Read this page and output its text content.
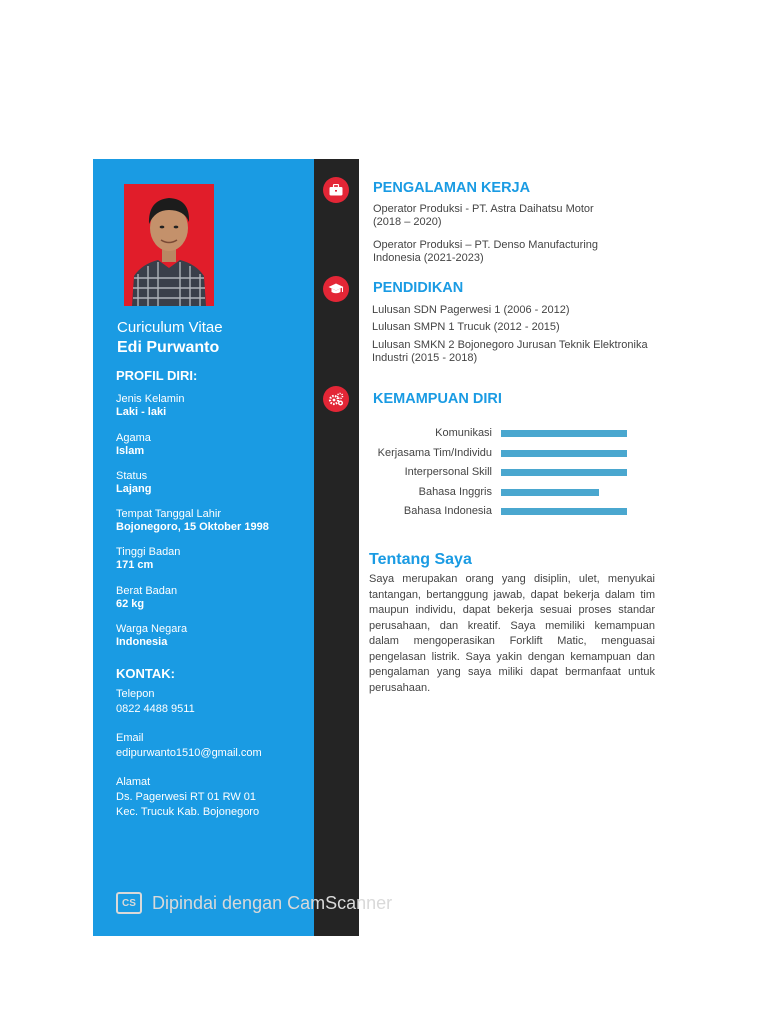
Curiculum Vitae
Edi Purwanto
PROFIL DIRI:
Jenis Kelamin
Laki - laki
Agama
Islam
Status
Lajang
Tempat Tanggal Lahir
Bojonegoro, 15 Oktober 1998
Tinggi Badan
171 cm
Berat Badan
62 kg
Warga Negara
Indonesia
KONTAK:
Telepon
0822 4488 9511
Email
edipurwanto1510@gmail.com
Alamat
Ds. Pagerwesi RT 01 RW 01
Kec. Trucuk Kab. Bojonegoro
PENGALAMAN KERJA
Operator Produksi - PT. Astra Daihatsu Motor
(2018 – 2020)
Operator Produksi – PT. Denso Manufacturing
Indonesia (2021-2023)
PENDIDIKAN
Lulusan SDN Pagerwesi 1 (2006 - 2012)
Lulusan SMPN 1 Trucuk (2012 - 2015)
Lulusan SMKN 2 Bojonegoro Jurusan Teknik Elektronika
Industri (2015 - 2018)
KEMAMPUAN DIRI
Komunikasi
Kerjasama Tim/Individu
Interpersonal Skill
Bahasa Inggris
Bahasa Indonesia
Tentang Saya
Saya merupakan orang yang disiplin, ulet, menyukai tantangan, bertanggung jawab, dapat bekerja dalam tim maupun individu, dapat bekerja sesuai proses standar perusahaan, dan kreatif. Saya memiliki kemampuan dalam mengoperasikan Forklift Matic, menguasai pengelasan listrik. Saya yakin dengan kemampuan dan pengalaman yang saya miliki dapat bermanfaat untuk perusahaan.
CS Dipindai dengan CamScanner
